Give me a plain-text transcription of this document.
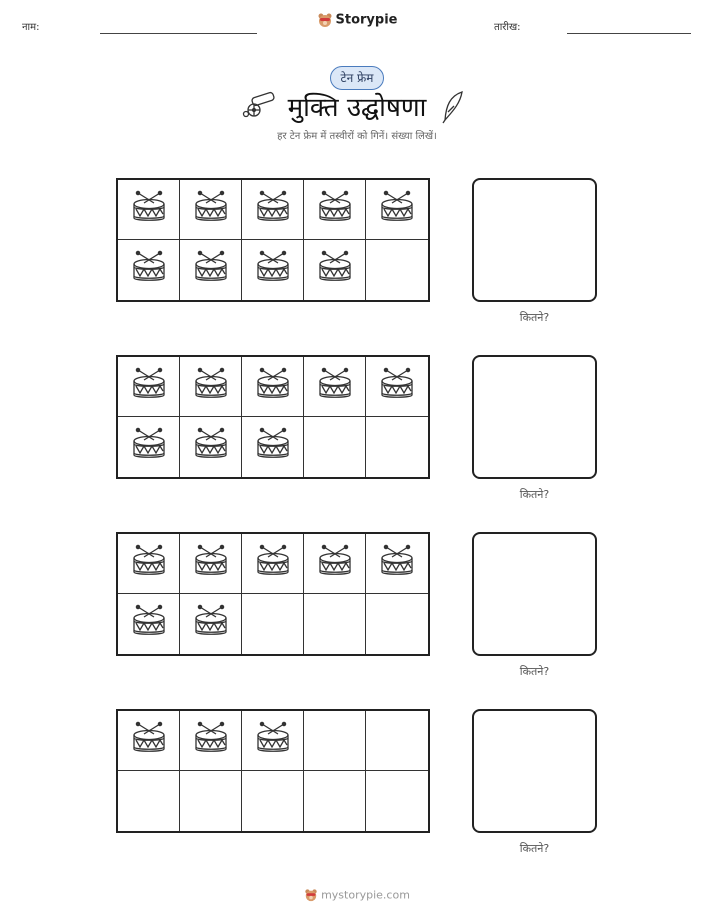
नाम:	Storypie	तारीख:
टेन फ्रेम
मुक्ति उद्घोषणा
हर टेन फ्रेम में तस्वीरों को गिनें। संख्या लिखें।
कितने?
कितने?
कितने?
कितने?
mystorypie.com
